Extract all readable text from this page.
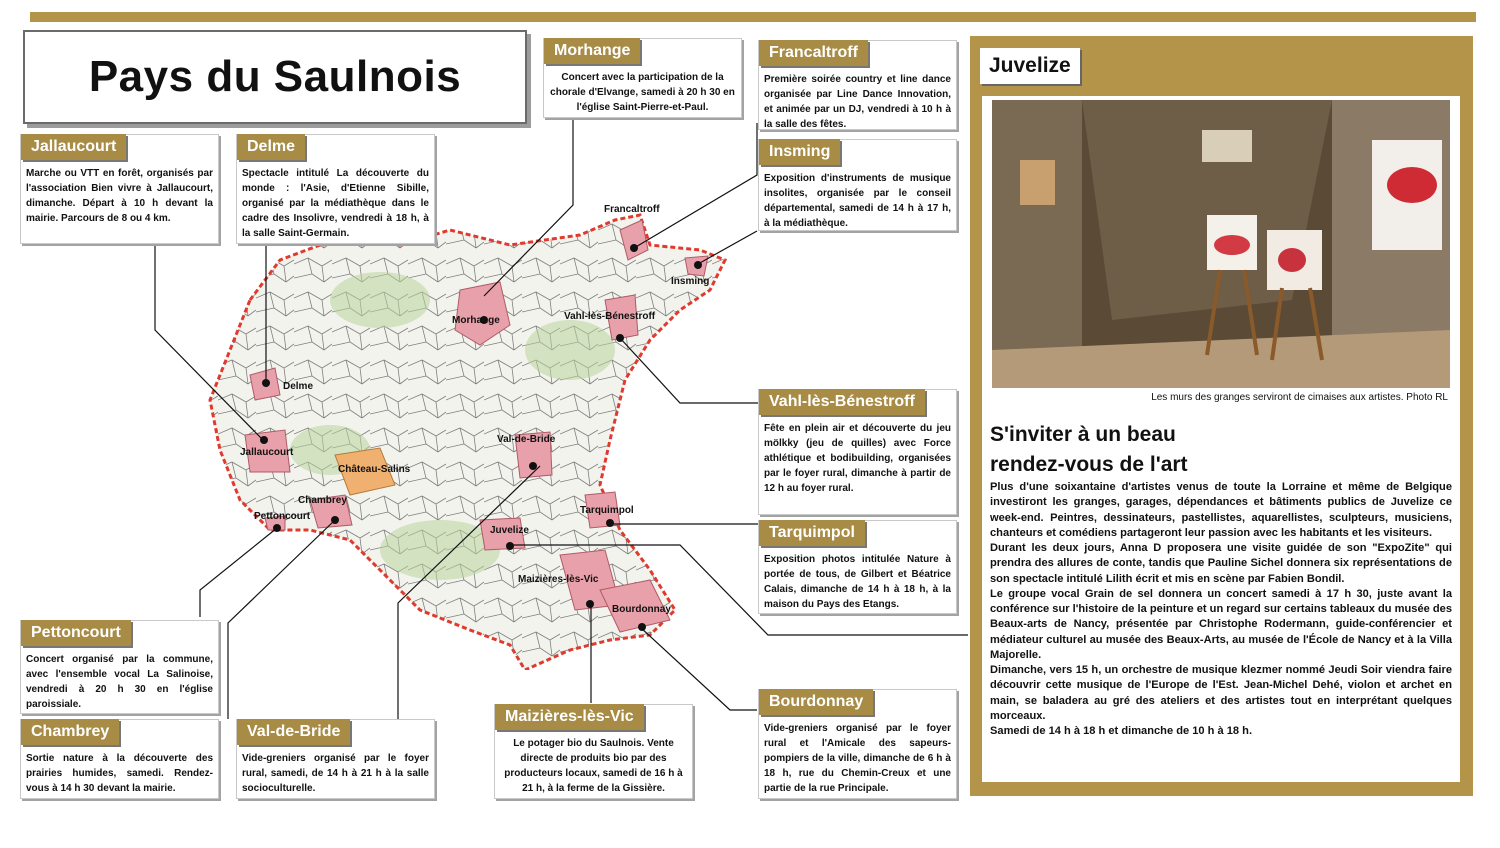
Pays du Saulnois
Francaltroff
Insming
Morhange	Vahl-lès-Bénestroff
Delme
Jallaucourt
Château-Salins
Val-de-Bride
Chambrey
Pettoncourt
Tarquimpol
Juvelize
Maizières-lès-Vic
Bourdonnay
Morhange
Concert avec la participation de la chorale d'Elvange, samedi à 20 h 30 en l'église Saint-Pierre-et-Paul.
Francaltroff
Première soirée country et line dance organisée par Line Dance Innovation, et animée par un DJ, vendredi à 10 h à la salle des fêtes.
Insming
Exposition d'instruments de musique insolites, organisée par le conseil départemental, samedi de 14 h à 17 h, à la médiathèque.
Jallaucourt
Marche ou VTT en forêt, organisés par l'association Bien vivre à Jallaucourt, dimanche. Départ à 10 h devant la mairie. Parcours de 8 ou 4 km.
Delme
Spectacle intitulé La découverte du monde : l'Asie, d'Etienne Sibille, organisé par la médiathèque dans le cadre des Insolivre, vendredi à 18 h, à la salle Saint-Germain.
Vahl-lès-Bénestroff
Fête en plein air et découverte du jeu mölkky (jeu de quilles) avec Force athlétique et bodibuilding, organisées par le foyer rural, dimanche à partir de 12 h au foyer rural.
Tarquimpol
Exposition photos intitulée Nature à portée de tous, de Gilbert et Béatrice Calais, dimanche de 14 h à 18 h, à la maison du Pays des Etangs.
Pettoncourt
Concert organisé par la commune, avec l'ensemble vocal La Salinoise, vendredi à 20 h 30 en l'église paroissiale.
Chambrey
Sortie nature à la découverte des prairies humides, samedi. Rendez-vous à 14 h 30 devant la mairie.
Val-de-Bride
Vide-greniers organisé par le foyer rural, samedi, de 14 h à 21 h à la salle socioculturelle.
Maizières-lès-Vic
Le potager bio du Saulnois. Vente directe de produits bio par des producteurs locaux, samedi de 16 h à 21 h, à la ferme de la Gissière.
Bourdonnay
Vide-greniers organisé par le foyer rural et l'Amicale des sapeurs-pompiers de la ville, dimanche de 6 h à 18 h, rue du Chemin-Creux et une partie de la rue Principale.
Juvelize
Les murs des granges serviront de cimaises aux artistes. Photo RL
S'inviter à un beau rendez-vous de l'art

Plus d'une soixantaine d'artistes venus de toute la Lorraine et même de Belgique investiront les granges, garages, dépendances et bâtiments publics de Juvelize ce week-end. Peintres, dessinateurs, pastellistes, aquarellistes, sculpteurs, musiciens, chanteurs et comédiens partageront leur passion avec les habitants et les visiteurs.

Durant les deux jours, Anna D proposera une visite guidée de son "ExpoZite" qui prendra des allures de conte, tandis que Pauline Sichel donnera six représentations de son spectacle intitulé Lilith écrit et mis en scène par Fabien Bondil.

Le groupe vocal Grain de sel donnera un concert samedi à 17 h 30, juste avant la conférence sur l'histoire de la peinture et un regard sur certains tableaux du musée des Beaux-arts de Nancy, présentée par Christophe Rodermann, guide-conférencier et médiateur culturel au musée des Beaux-Arts, au musée de l'École de Nancy et à la Villa Majorelle.

Dimanche, vers 15 h, un orchestre de musique klezmer nommé Jeudi Soir viendra faire découvrir cette musique de l'Europe de l'Est. Jean-Michel Dehé, violon et archet en main, se baladera au gré des ateliers et des artistes tout en interprétant quelques morceaux.

Samedi de 14 h à 18 h et dimanche de 10 h à 18 h.
